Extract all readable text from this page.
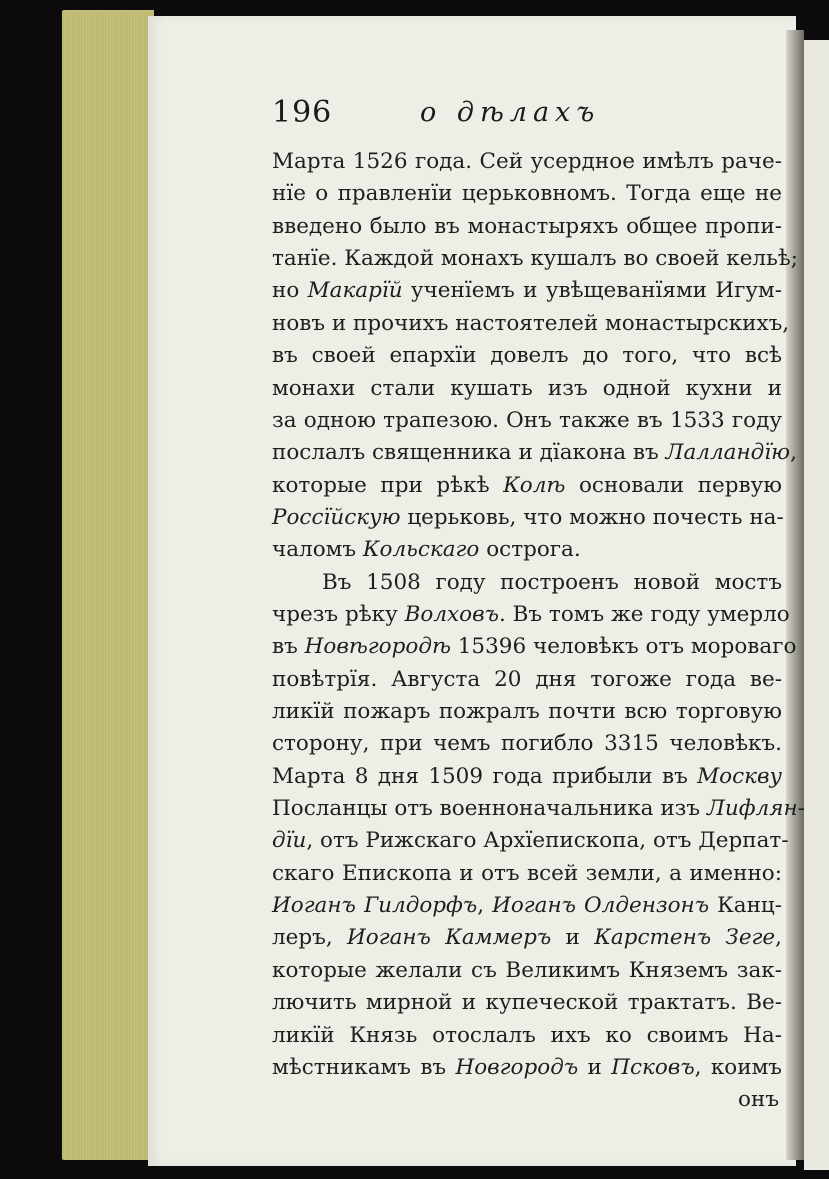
196	о дѣлахъ

Марта 1526 года. Сей усердное имѣлъ раче-

нїе о правленїи церьковномъ. Тогда еще не

введено было въ монастыряхъ общее пропи-

танїе. Каждой монахъ кушалъ во своей кельѣ;

но Макарїй ученїемъ и увѣщеванїями Игум-

новъ и прочихъ настоятелей монастырскихъ,

въ своей епархїи довелъ до того, что всѣ

монахи стали кушать изъ одной кухни и

за одною трапезою. Онъ также въ 1533 году

послалъ священника и дїакона въ Лалландїю,

которые при рѣкѣ Колѣ основали первую

Россїйскую церьковь, что можно почесть на-

чаломъ Кольскаго острога.

Въ 1508 году построенъ новой мостъ

чрезъ рѣку Волховъ. Въ томъ же году умерло

въ Новѣгородѣ 15396 человѣкъ отъ мороваго

повѣтрїя. Августа 20 дня тогоже года ве-

ликїй пожаръ пожралъ почти всю торговую

сторону, при чемъ погибло 3315 человѣкъ.

Марта 8 дня 1509 года прибыли въ Москву

Посланцы отъ военноначальника изъ Лифлян-

дїи, отъ Рижскаго Архїепископа, отъ Дерпат-

скаго Епископа и отъ всей земли, а именно:

Иоганъ Гилдорфъ, Иоганъ Олдензонъ Канц-

леръ, Иоганъ Каммеръ и Карстенъ Зеге,

которые желали съ Великимъ Княземъ зак-

лючить мирной и купеческой трактатъ. Ве-

ликїй Князь отослалъ ихъ ко своимъ На-

мѣстникамъ въ Новгородъ и Псковъ, коимъ

онъ
